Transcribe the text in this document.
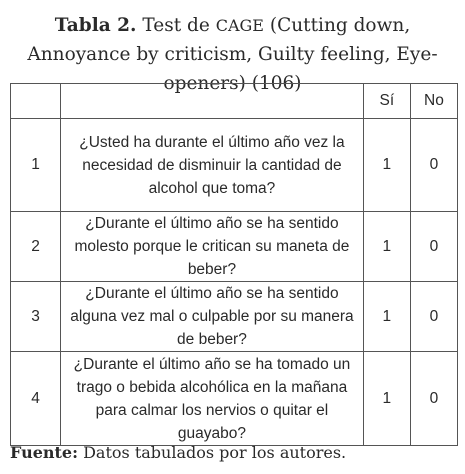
Tabla 2. Test de CAGE (Cutting down, Annoyance by criticism, Guilty feeling, Eye-openers) (106)
		Sí	No
1	¿Usted ha durante el último año vez la necesidad de disminuir la cantidad de alcohol que toma?	1	0
2	¿Durante el último año se ha sentido molesto porque le critican su maneta de beber?	1	0
3	¿Durante el último año se ha sentido alguna vez mal o culpable por su manera de beber?	1	0
4	¿Durante el último año se ha tomado un trago o bebida alcohólica en la mañana para calmar los nervios o quitar el guayabo?	1	0
Fuente: Datos tabulados por los autores.
